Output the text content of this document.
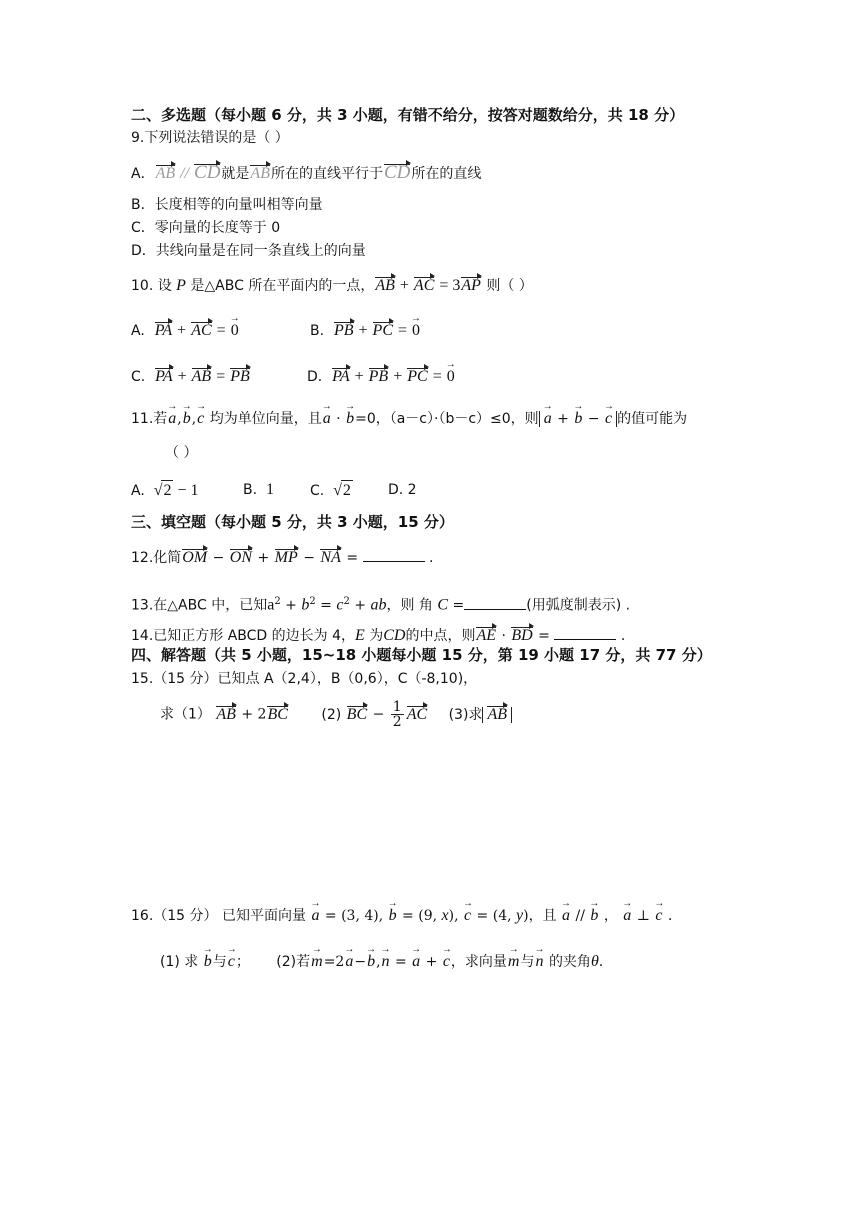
二、多选题（每小题 6 分，共 3 小题，有错不给分，按答对题数给分，共 18 分）
9.下列说法错误的是（ ）
A．AB // CD就是AB所在的直线平行于CD所在的直线
B．长度相等的向量叫相等向量
C．零向量的长度等于 0
D．共线向量是在同一条直线上的向量
10. 设 P 是△ABC 所在平面内的一点，AB + AC = 3AP 则（ ）
A. PA + AC = → 0	B. PB + PC = → 0
C. PA + AB = PB	D. PA + PB + PC = → 0
11.若→ a,→ b,→ c 均为单位向量，且→ a · → b=0，（a－c）·（b－c）≤0，则 → a + → b − → c 的值可能为
（ ）
A. √2 − 1	B. 1	C. √2	D. 2
三、填空题（每小题 5 分，共 3 小题，15 分）
12.化简OM − ON + MP − NA =	.
13.在△ABC 中，已知$a^2 + b^2 = c^2$ + ab，则 角 C =	(用弧度制表示) .
14.已知正方形 ABCD 的边长为 4，E 为CD的中点，则AE · BD =	.
四、解答题（共 5 小题，15~18 小题每小题 15 分，第 19 小题 17 分，共 77 分）
15.（15 分）已知点 A（2,4），B（0,6），C（-8,10)，
求（1） AB + 2BC (2) BC − $\frac{1}{2}$ AC (3)求 AB
16.（15 分） 已知平面向量 → a = (3, 4), → b = (9, x), → c = (4, y)，且 → a // → b ， → a ⊥ → c .
(1) 求 → b与→ c； (2)若→ m=2→ a−→ b,→ n = → a + → c，求向量→ m与→ n 的夹角θ.
